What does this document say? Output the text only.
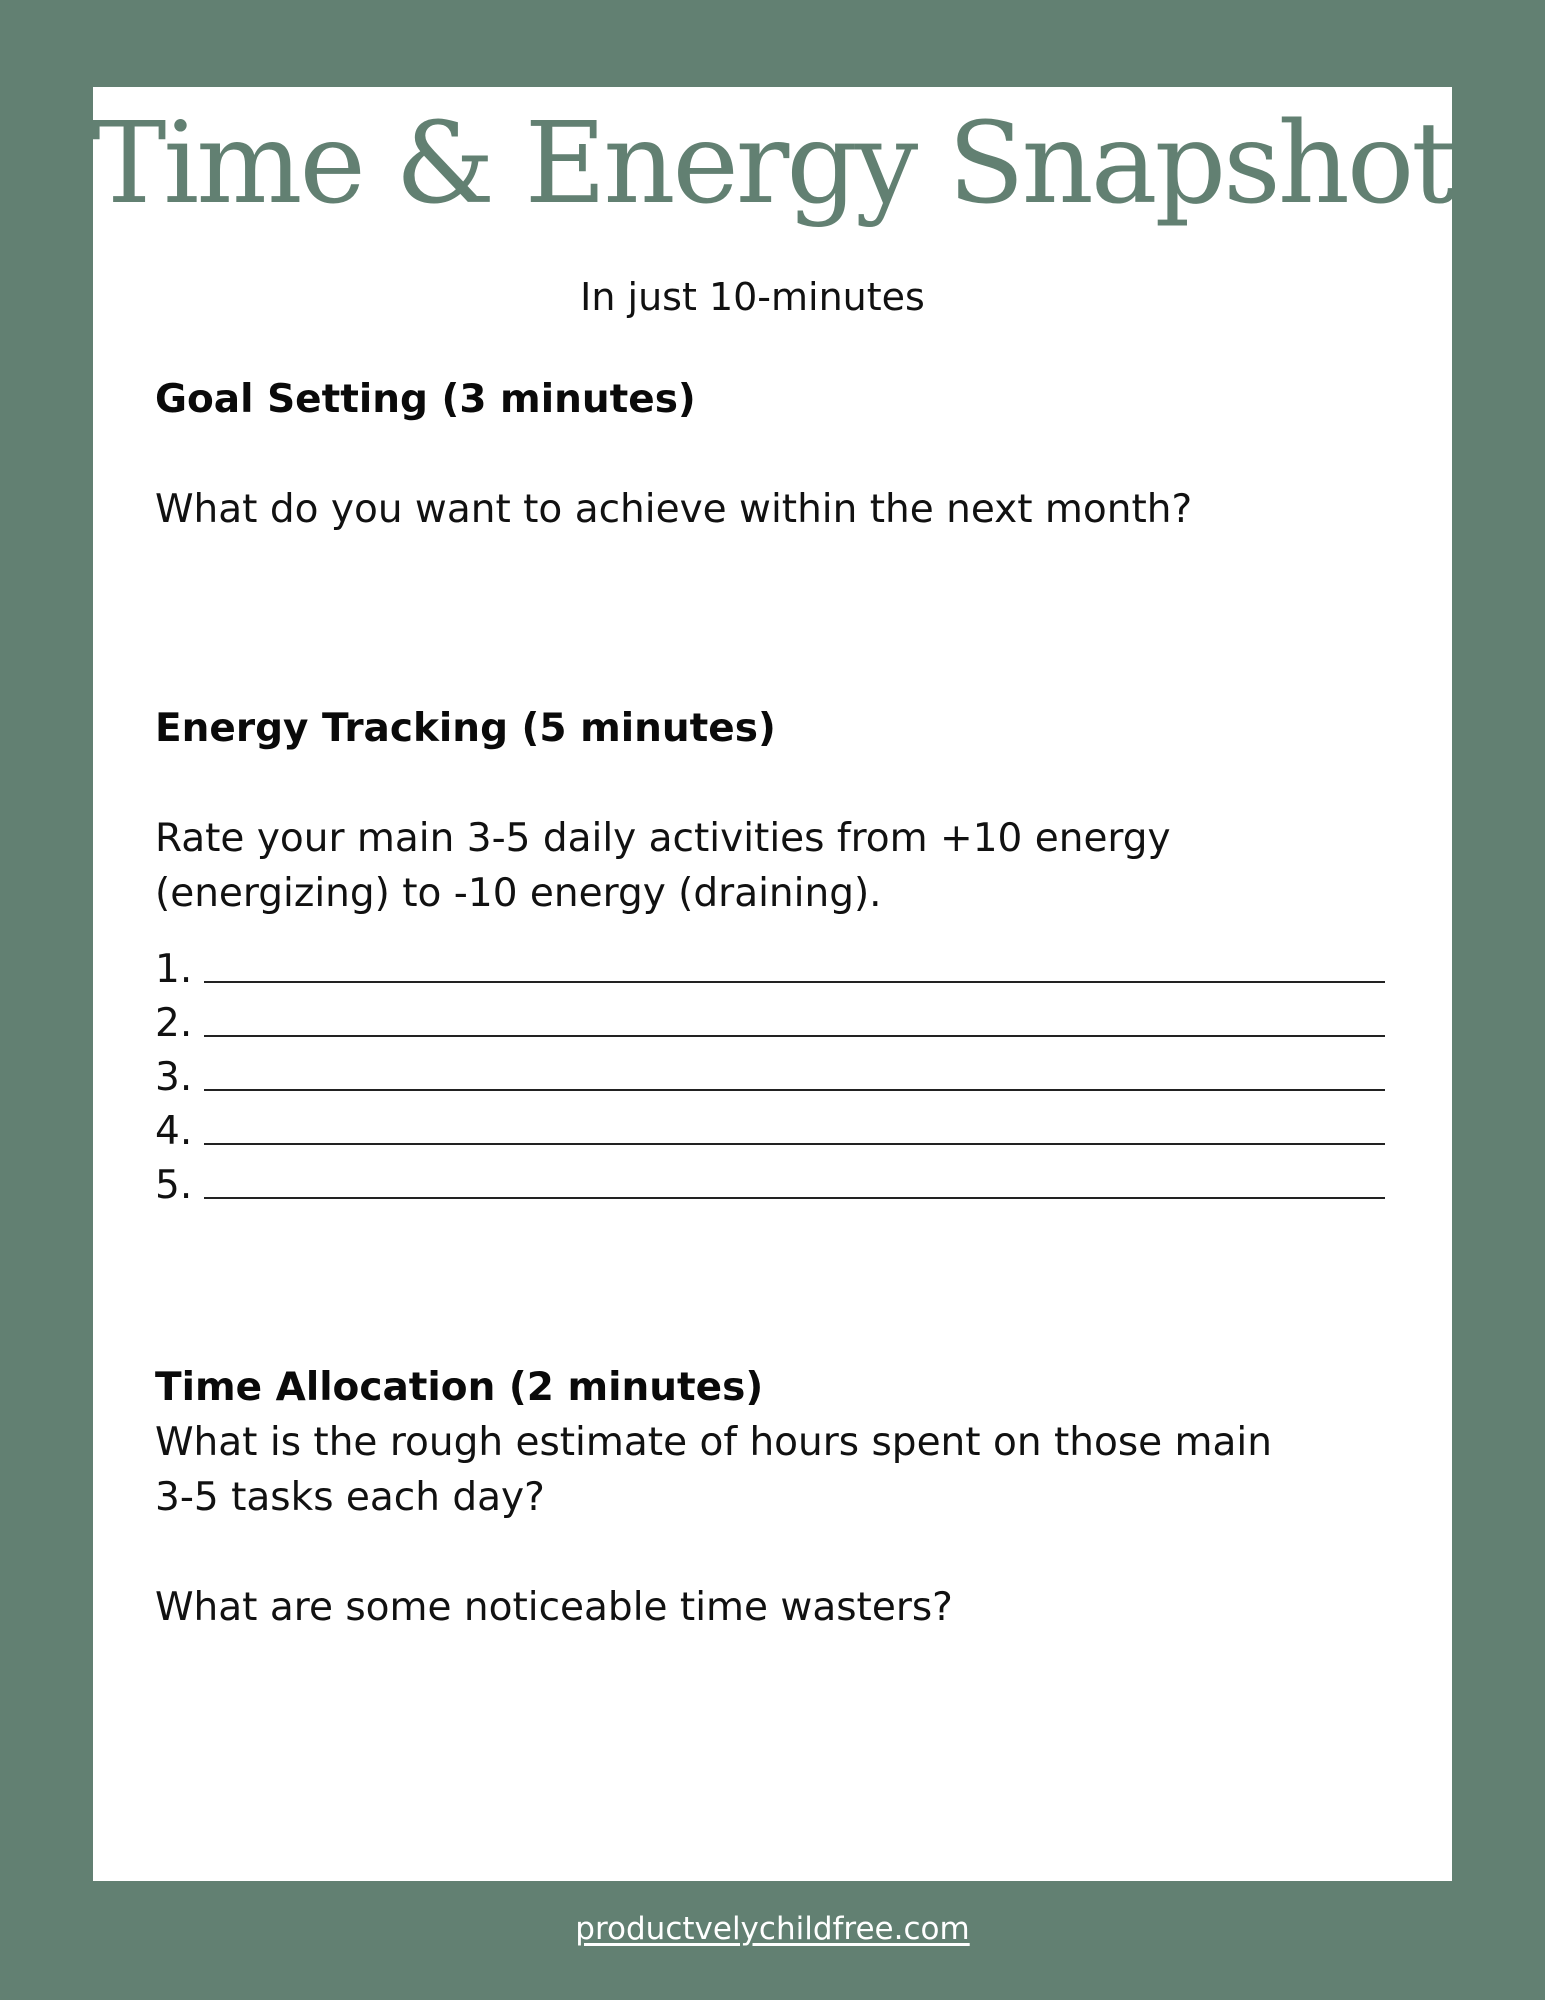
Time & Energy Snapshot
In just 10-minutes
Goal Setting (3 minutes)

What do you want to achieve within the next month?

Energy Tracking (5 minutes)
Rate your main 3-5 daily activities from +10 energy
(energizing) to -10 energy (draining).
1.
2.
3.
4.
5.
Time Allocation (2 minutes)
What is the rough estimate of hours spent on those main
3-5 tasks each day?

What are some noticeable time wasters?

productvelychildfree.com
